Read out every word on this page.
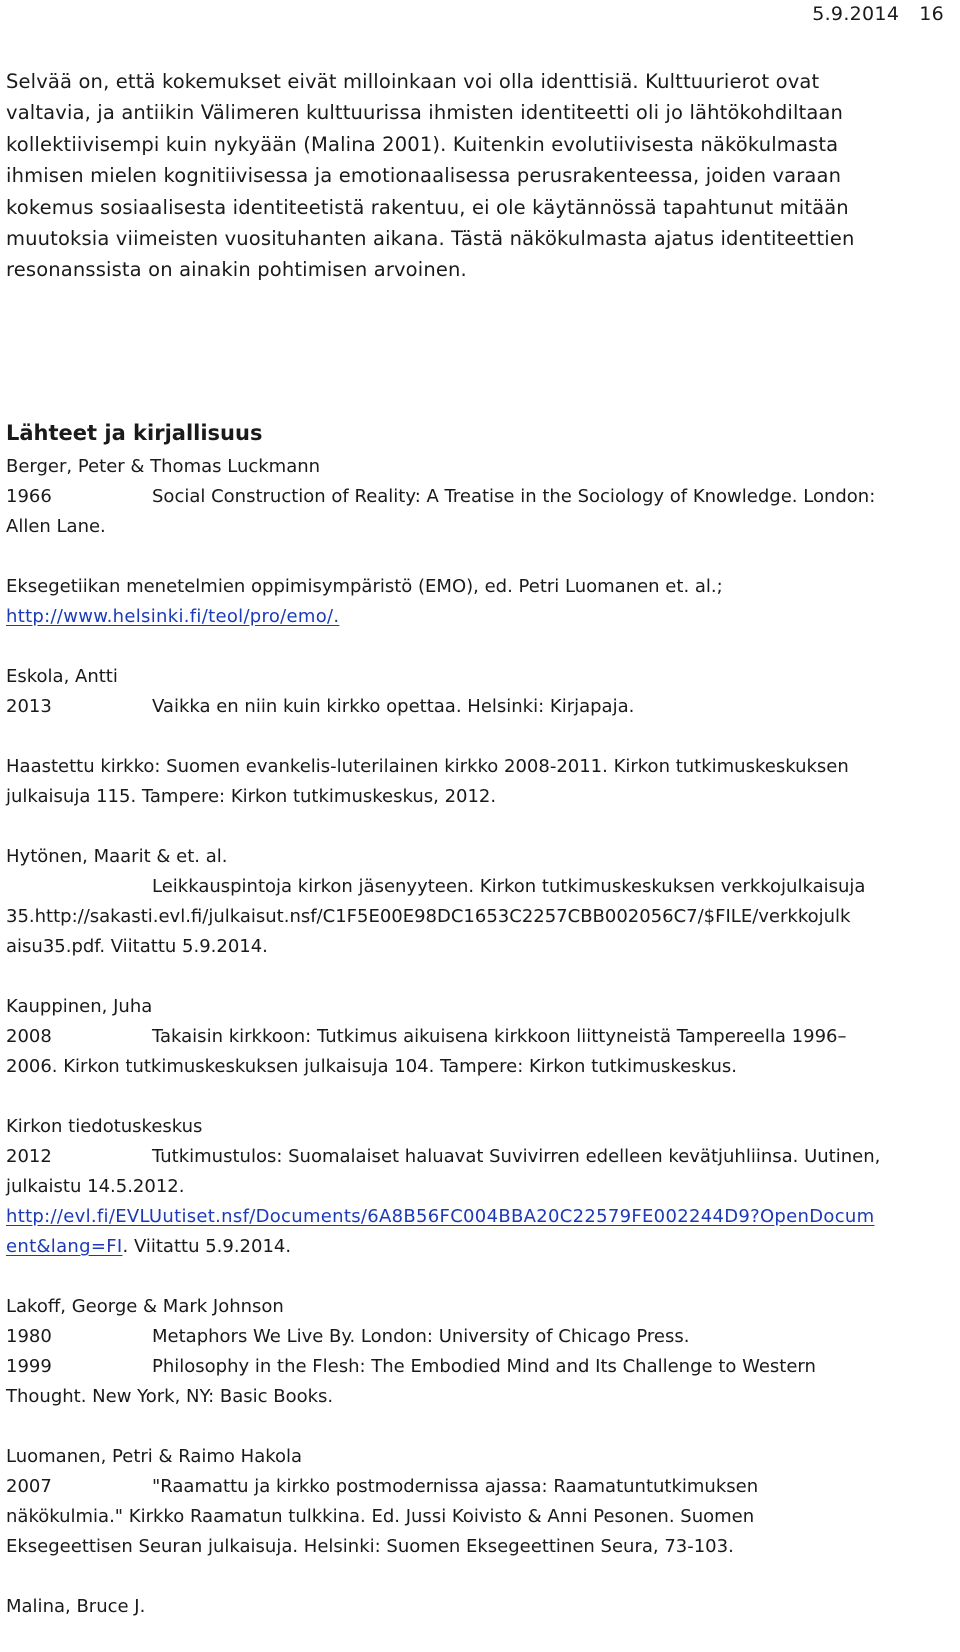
5.9.2014 16

Selvää on, että kokemukset eivät milloinkaan voi olla identtisiä. Kulttuurierot ovat
valtavia, ja antiikin Välimeren kulttuurissa ihmisten identiteetti oli jo lähtökohdiltaan
kollektiivisempi kuin nykyään (Malina 2001). Kuitenkin evolutiivisesta näkökulmasta
ihmisen mielen kognitiivisessa ja emotionaalisessa perusrakenteessa, joiden varaan
kokemus sosiaalisesta identiteetistä rakentuu, ei ole käytännössä tapahtunut mitään
muutoksia viimeisten vuosituhanten aikana. Tästä näkökulmasta ajatus identiteettien
resonanssista on ainakin pohtimisen arvoinen.

Lähteet ja kirjallisuus
Berger, Peter & Thomas Luckmann
1966	Social Construction of Reality: A Treatise in the Sociology of Knowledge. London:
Allen Lane.
Eksegetiikan menetelmien oppimisympäristö (EMO), ed. Petri Luomanen et. al.;
http://www.helsinki.fi/teol/pro/emo/.
Eskola, Antti
2013	Vaikka en niin kuin kirkko opettaa. Helsinki: Kirjapaja.
Haastettu kirkko: Suomen evankelis-luterilainen kirkko 2008-2011. Kirkon tutkimuskeskuksen
julkaisuja 115. Tampere: Kirkon tutkimuskeskus, 2012.
Hytönen, Maarit & et. al.
Leikkauspintoja kirkon jäsenyyteen. Kirkon tutkimuskeskuksen verkkojulkaisuja
35.http://sakasti.evl.fi/julkaisut.nsf/C1F5E00E98DC1653C2257CBB002056C7/$FILE/verkkojulk
aisu35.pdf. Viitattu 5.9.2014.
Kauppinen, Juha
2008	Takaisin kirkkoon: Tutkimus aikuisena kirkkoon liittyneistä Tampereella 1996–
2006. Kirkon tutkimuskeskuksen julkaisuja 104. Tampere: Kirkon tutkimuskeskus.
Kirkon tiedotuskeskus
2012	Tutkimustulos: Suomalaiset haluavat Suvivirren edelleen kevätjuhliinsa. Uutinen,
julkaistu 14.5.2012.
http://evl.fi/EVLUutiset.nsf/Documents/6A8B56FC004BBA20C22579FE002244D9?OpenDocum
ent&lang=FI. Viitattu 5.9.2014.
Lakoff, George & Mark Johnson
1980	Metaphors We Live By. London: University of Chicago Press.
1999	Philosophy in the Flesh: The Embodied Mind and Its Challenge to Western
Thought. New York, NY: Basic Books.
Luomanen, Petri & Raimo Hakola
2007	"Raamattu ja kirkko postmodernissa ajassa: Raamatuntutkimuksen
näkökulmia." Kirkko Raamatun tulkkina. Ed. Jussi Koivisto & Anni Pesonen. Suomen
Eksegeettisen Seuran julkaisuja. Helsinki: Suomen Eksegeettinen Seura, 73-103.
Malina, Bruce J.
